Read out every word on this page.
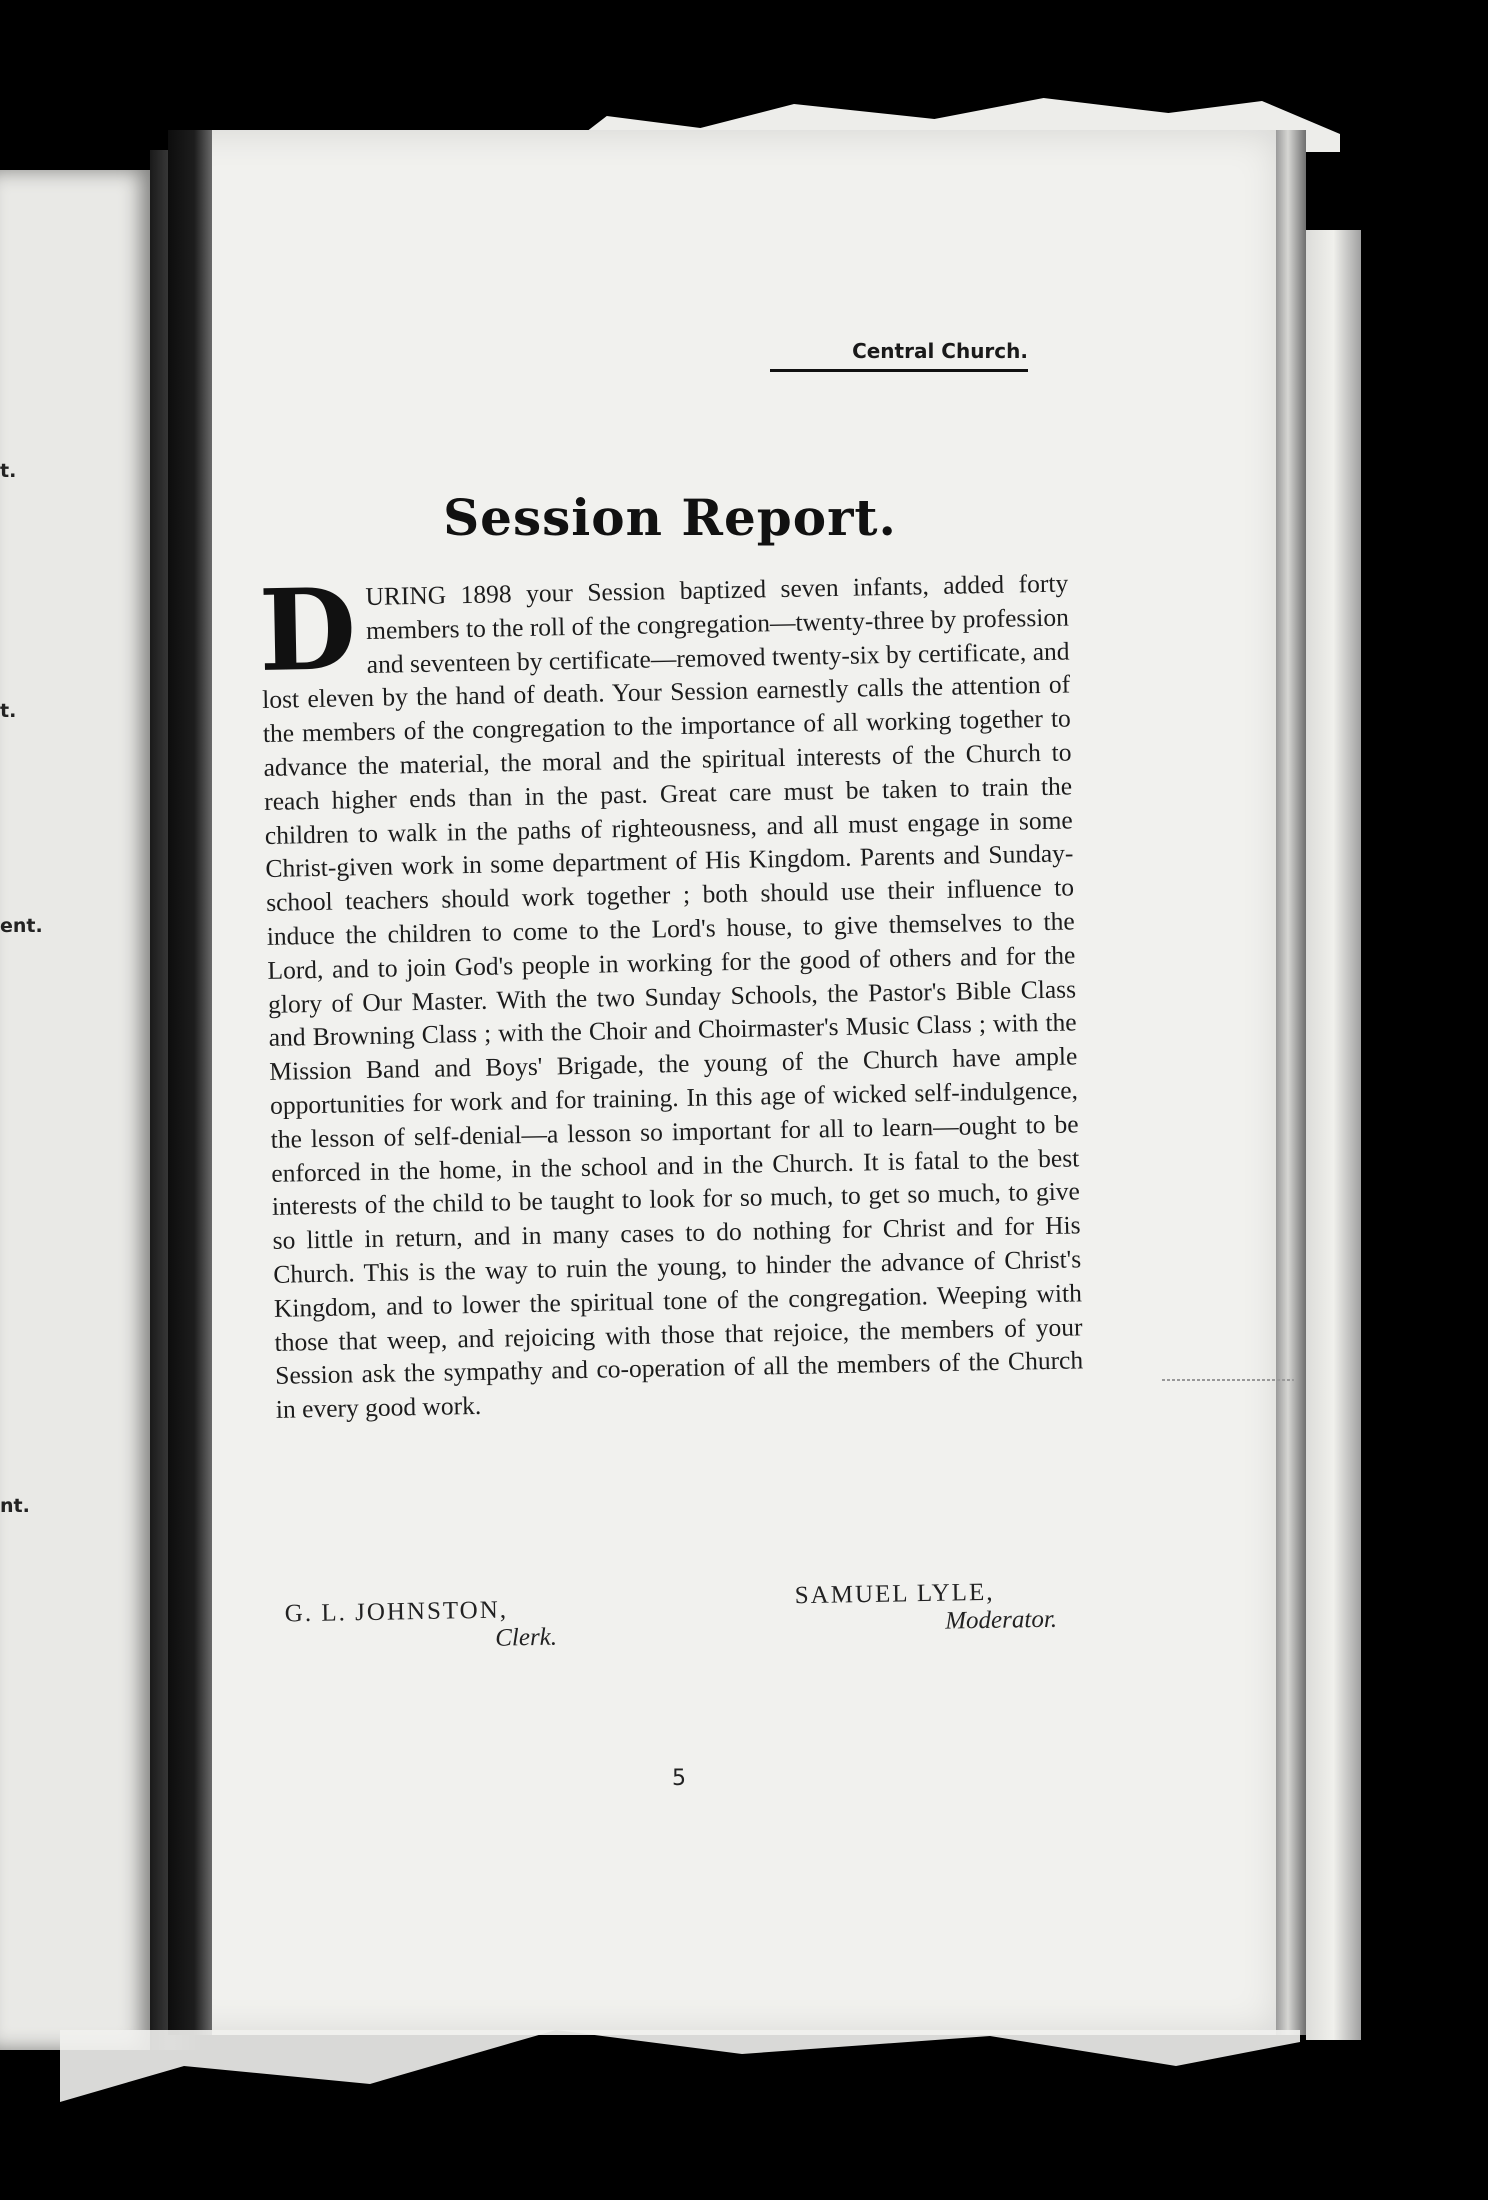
t.
t.
ent.
nt.
Central Church.
Session Report.
D URING 1898 your Session baptized seven infants, added forty members to the roll of the congregation—twenty-three by profession and seventeen by certificate—removed twenty-six by certificate, and lost eleven by the hand of death. Your Session earnestly calls the attention of the members of the congregation to the importance of all working together to advance the material, the moral and the spiritual interests of the Church to reach higher ends than in the past. Great care must be taken to train the children to walk in the paths of righteousness, and all must engage in some Christ-given work in some department of His Kingdom. Parents and Sunday-school teachers should work together ; both should use their influence to induce the children to come to the Lord's house, to give themselves to the Lord, and to join God's people in working for the good of others and for the glory of Our Master. With the two Sunday Schools, the Pastor's Bible Class and Browning Class ; with the Choir and Choirmaster's Music Class ; with the Mission Band and Boys' Brigade, the young of the Church have ample opportunities for work and for training. In this age of wicked self-indulgence, the lesson of self-denial—a lesson so important for all to learn—ought to be enforced in the home, in the school and in the Church. It is fatal to the best interests of the child to be taught to look for so much, to get so much, to give so little in return, and in many cases to do nothing for Christ and for His Church. This is the way to ruin the young, to hinder the advance of Christ's Kingdom, and to lower the spiritual tone of the congregation. Weeping with those that weep, and rejoicing with those that rejoice, the members of your Session ask the sympathy and co-operation of all the members of the Church in every good work.
G. L. JOHNSTON,
Clerk.
SAMUEL LYLE,
Moderator.
5
